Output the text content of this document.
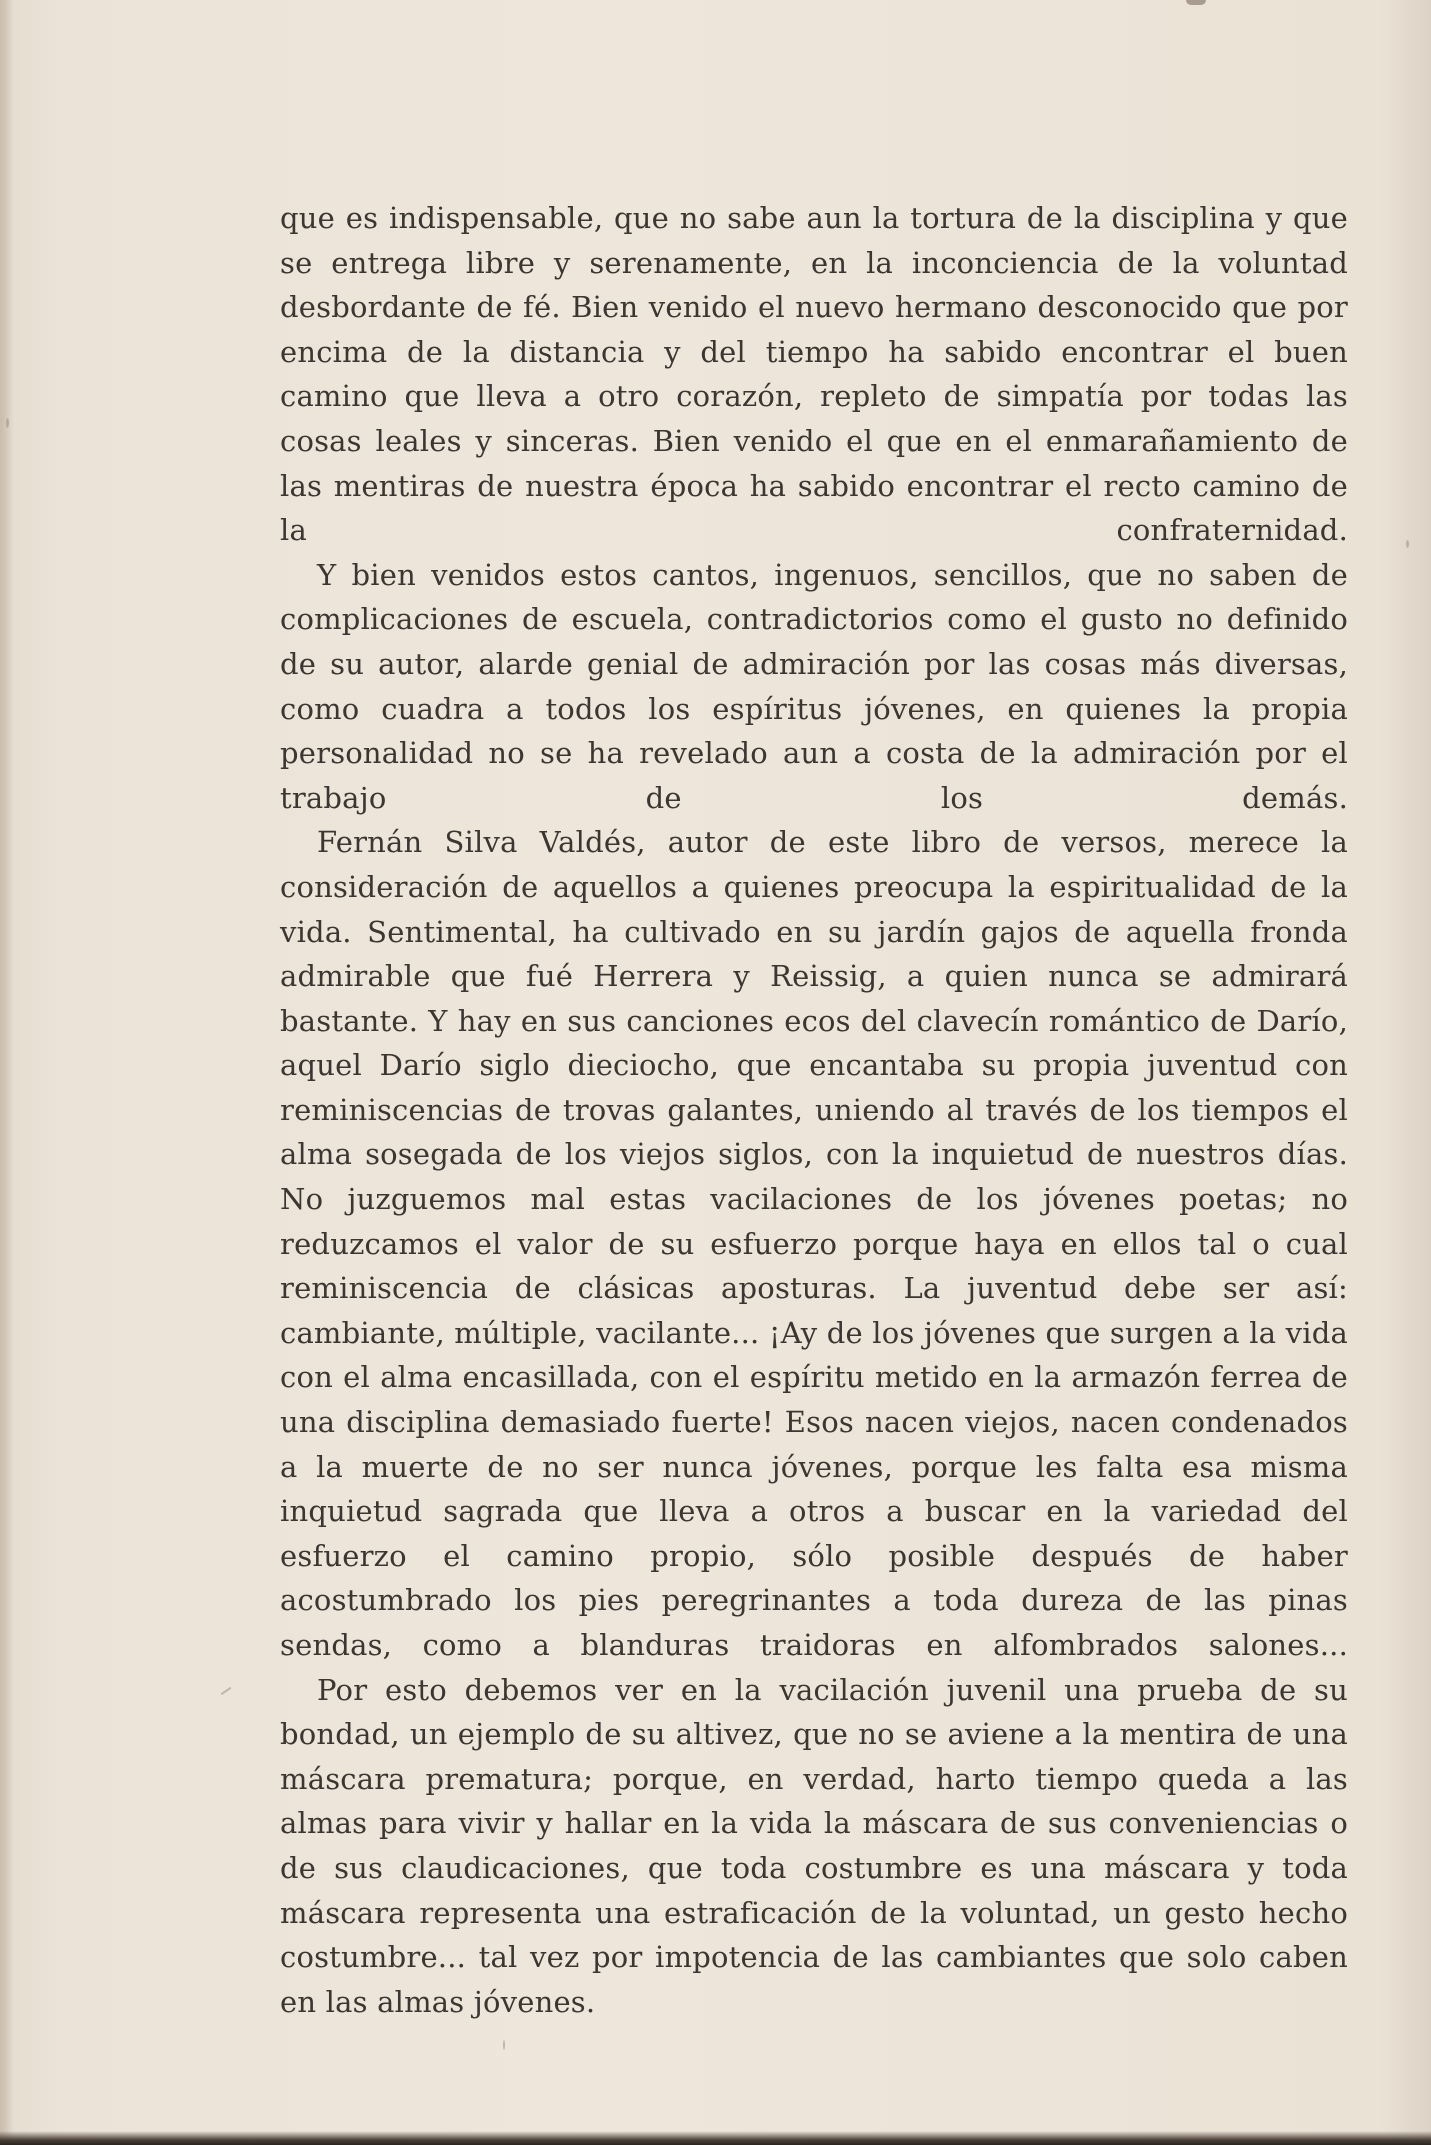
que es indispensable, que no sabe aun la tortura de la disciplina y que se entrega libre y serenamente, en la inconciencia de la voluntad desbordante de fé. Bien venido el nuevo hermano desconocido que por encima de la distancia y del tiempo ha sabido encontrar el buen camino que lleva a otro corazón, repleto de simpatía por todas las cosas leales y sinceras. Bien venido el que en el enmarañamiento de las mentiras de nuestra época ha sabido encontrar el recto camino de la confraternidad.

Y bien venidos estos cantos, ingenuos, sencillos, que no saben de complicaciones de escuela, contradictorios como el gusto no definido de su autor, alarde genial de admiración por las cosas más diversas, como cuadra a todos los espíritus jóvenes, en quienes la propia personalidad no se ha revelado aun a costa de la admiración por el trabajo de los demás.

Fernán Silva Valdés, autor de este libro de versos, merece la consideración de aquellos a quienes preocupa la espiritualidad de la vida. Sentimental, ha cultivado en su jardín gajos de aquella fronda admirable que fué Herrera y Reissig, a quien nunca se admirará bastante. Y hay en sus canciones ecos del clavecín romántico de Darío, aquel Darío siglo dieciocho, que encantaba su propia juventud con reminiscencias de trovas galantes, uniendo al través de los tiempos el alma sosegada de los viejos siglos, con la inquietud de nuestros días. No juzguemos mal estas vacilaciones de los jóvenes poetas; no reduzcamos el valor de su esfuerzo porque haya en ellos tal o cual reminiscencia de clásicas aposturas. La juventud debe ser así: cambiante, múltiple, vacilante... ¡Ay de los jóvenes que surgen a la vida con el alma encasillada, con el espíritu metido en la armazón ferrea de una disciplina demasiado fuerte! Esos nacen viejos, nacen condenados a la muerte de no ser nunca jóvenes, porque les falta esa misma inquietud sagrada que lleva a otros a buscar en la variedad del esfuerzo el camino propio, sólo posible después de haber acostumbrado los pies peregrinantes a toda dureza de las pinas sendas, como a blanduras traidoras en alfombrados salones...

Por esto debemos ver en la vacilación juvenil una prueba de su bondad, un ejemplo de su altivez, que no se aviene a la mentira de una máscara prematura; porque, en verdad, harto tiempo queda a las almas para vivir y hallar en la vida la máscara de sus conveniencias o de sus claudicaciones, que toda costumbre es una máscara y toda máscara representa una estraficación de la voluntad, un gesto hecho costumbre... tal vez por impotencia de las cambiantes que solo caben en las almas jóvenes.
